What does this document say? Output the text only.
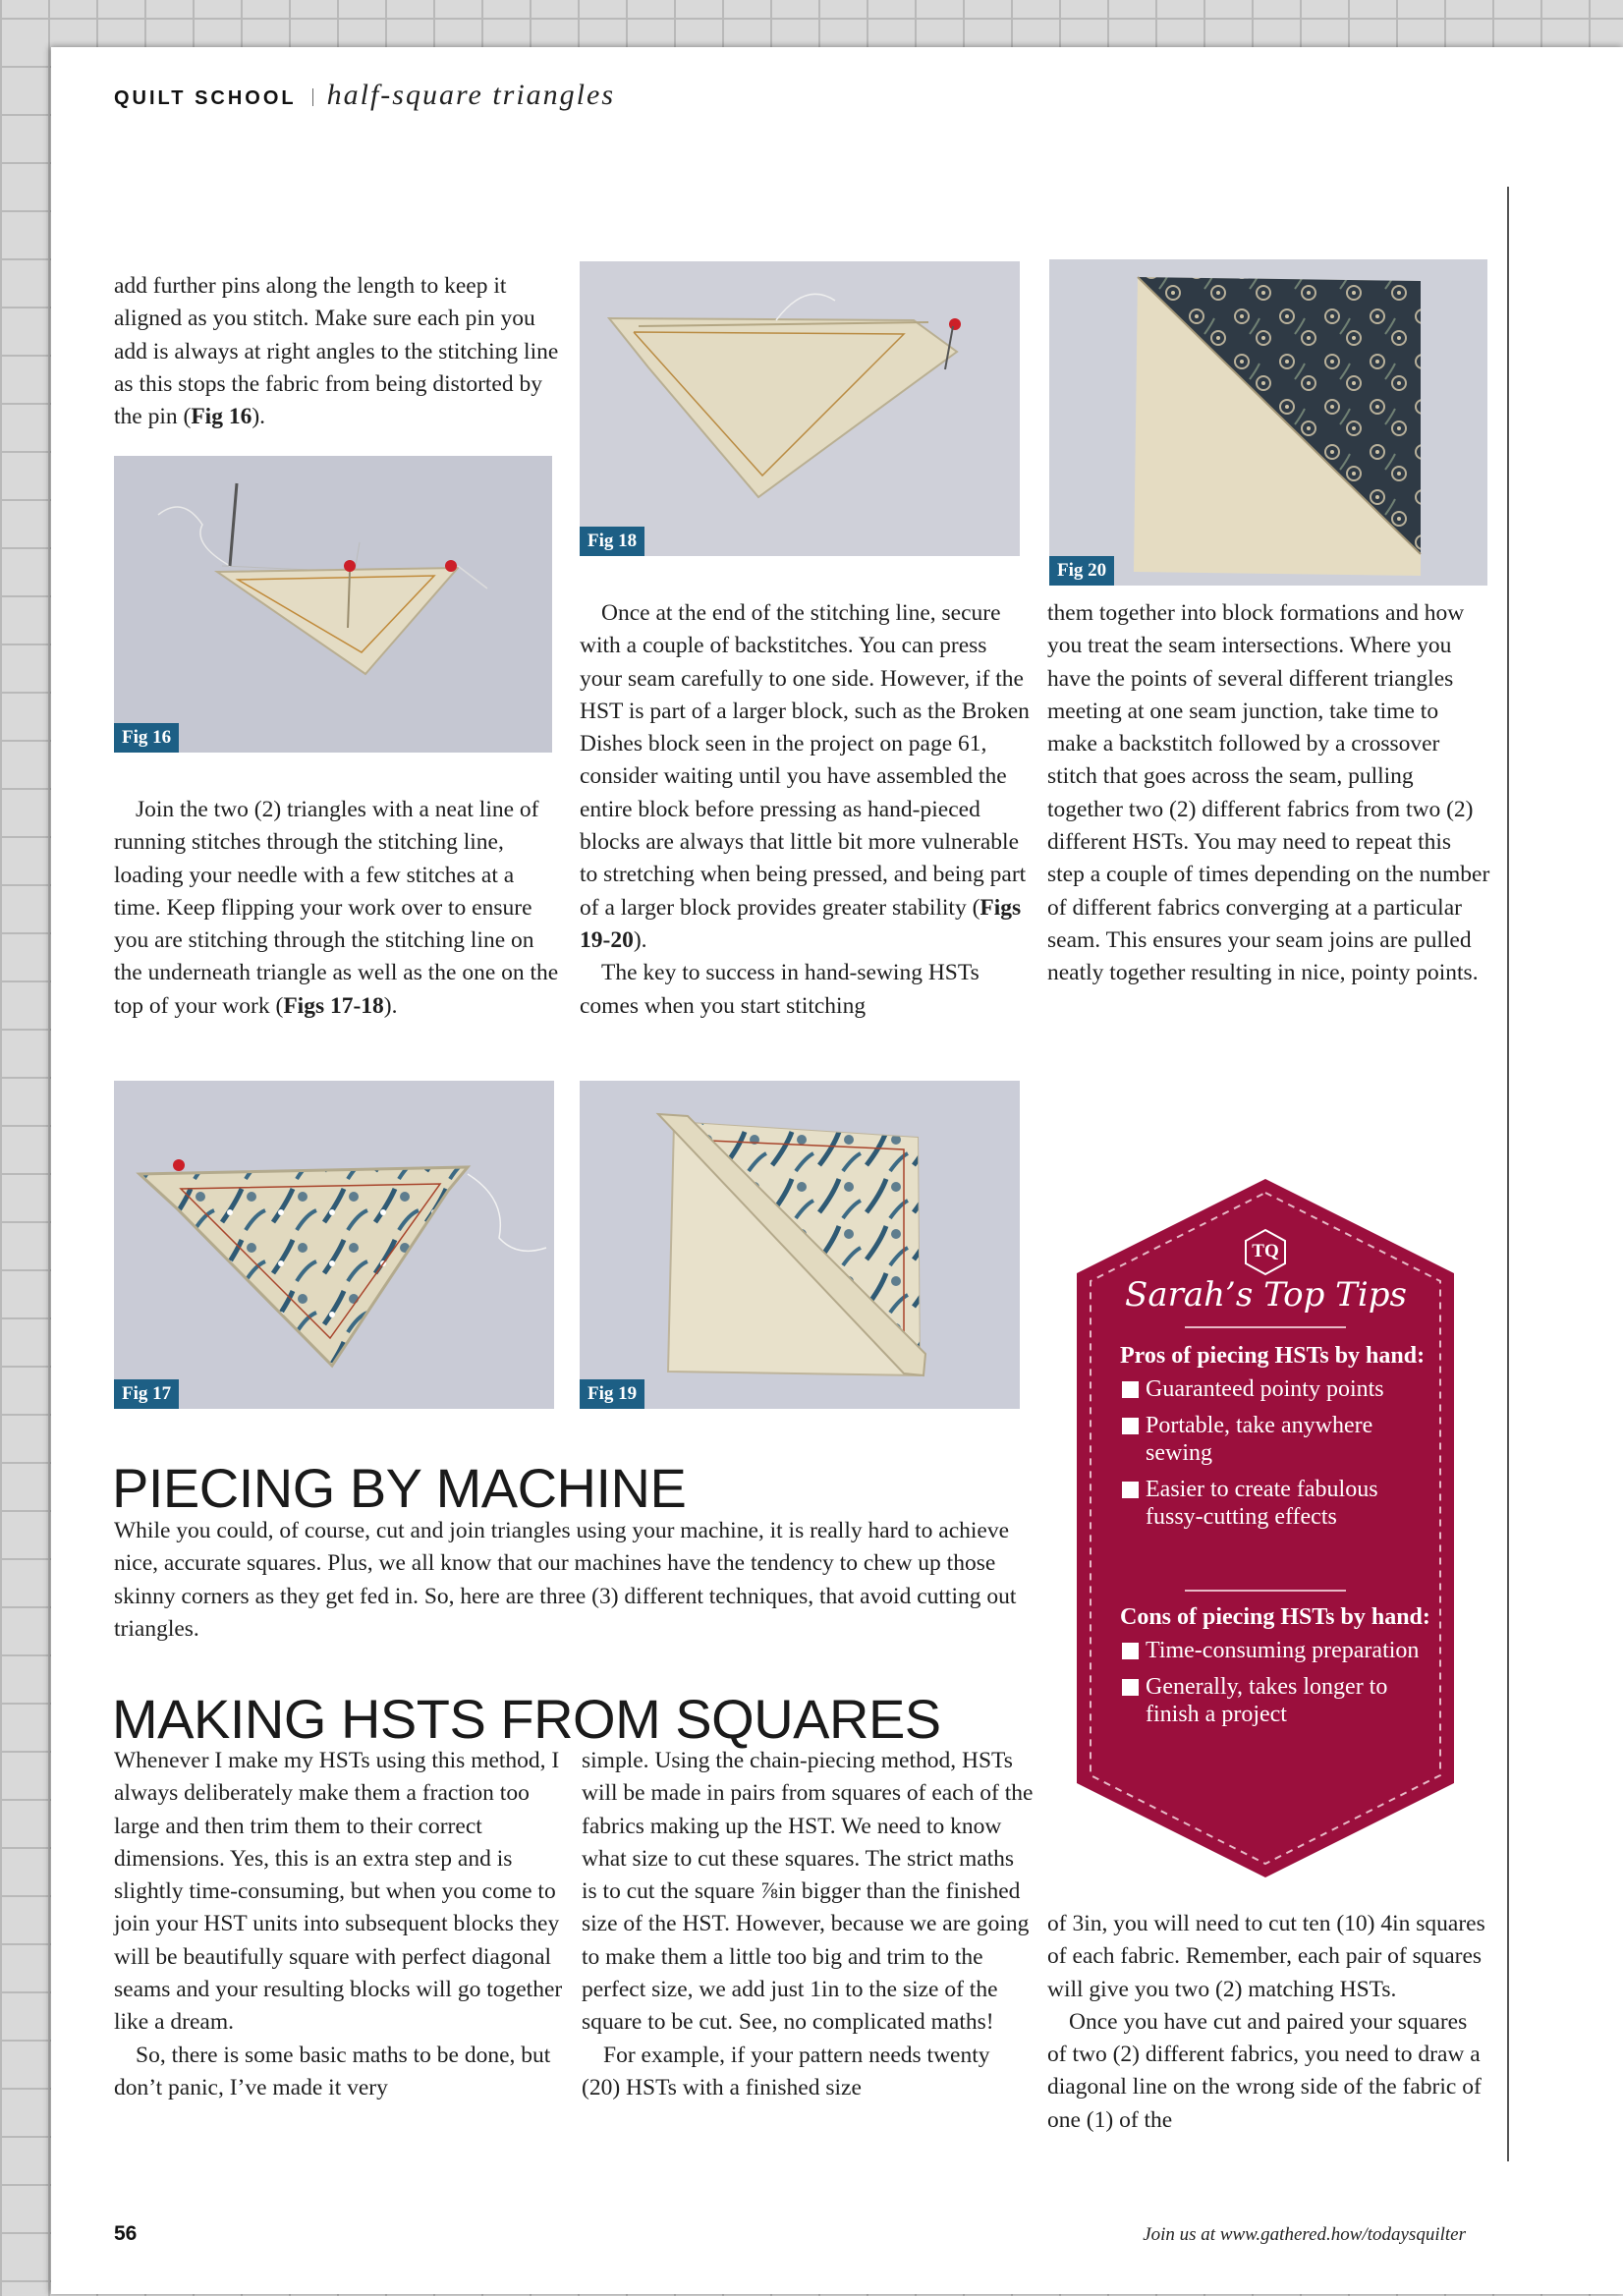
QUILT SCHOOL half-square triangles

add further pins along the length to keep it aligned as you stitch. Make sure each pin you add is always at right angles to the stitching line as this stops the fabric from being distorted by the pin (Fig 16).

Fig 16

Join the two (2) triangles with a neat line of running stitches through the stitching line, loading your needle with a few stitches at a time. Keep flipping your work over to ensure you are stitching through the stitching line on the underneath triangle as well as the one on the top of your work (Figs 17-18).

Fig 18
Fig 20

Once at the end of the stitching line, secure with a couple of backstitches. You can press your seam carefully to one side. However, if the HST is part of a larger block, such as the Broken Dishes block seen in the project on page 61, consider waiting until you have assembled the entire block before pressing as hand-pieced blocks are always that little bit more vulnerable to stretching when being pressed, and being part of a larger block provides greater stability (Figs 19-20).

The key to success in hand-sewing HSTs comes when you start stitching

them together into block formations and how you treat the seam intersections. Where you have the points of several different triangles meeting at one seam junction, take time to make a backstitch followed by a crossover stitch that goes across the seam, pulling together two (2) different fabrics from two (2) different HSTs. You may need to repeat this step a couple of times depending on the number of different fabrics converging at a particular seam. This ensures your seam joins are pulled neatly together resulting in nice, pointy points.

Fig 17	Fig 19
PIECING BY MACHINE

While you could, of course, cut and join triangles using your machine, it is really hard to achieve nice, accurate squares. Plus, we all know that our machines have the tendency to chew up those skinny corners as they get fed in. So, here are three (3) different techniques, that avoid cutting out triangles.

MAKING HSTS FROM SQUARES

Whenever I make my HSTs using this method, I always deliberately make them a fraction too large and then trim them to their correct dimensions. Yes, this is an extra step and is slightly time-consuming, but when you come to join your HST units into subsequent blocks they will be beautifully square with perfect diagonal seams and your resulting blocks will go together like a dream.

So, there is some basic maths to be done, but don’t panic, I’ve made it very

simple. Using the chain-piecing method, HSTs will be made in pairs from squares of each of the fabrics making up the HST. We need to know what size to cut these squares. The strict maths is to cut the square ⅞in bigger than the finished size of the HST. However, because we are going to make them a little too big and trim to the perfect size, we add just 1in to the size of the square to be cut. See, no complicated maths!

For example, if your pattern needs twenty (20) HSTs with a finished size

of 3in, you will need to cut ten (10) 4in squares of each fabric. Remember, each pair of squares will give you two (2) matching HSTs.

Once you have cut and paired your squares of two (2) different fabrics, you need to draw a diagonal line on the wrong side of the fabric of one (1) of the

TQ
Sarah’s Top Tips
Pros of piecing HSTs by hand:
Guaranteed pointy points
Portable, take anywhere sewing
Easier to create fabulous fussy-cutting effects
Cons of piecing HSTs by hand:
Time-consuming preparation
Generally, takes longer to finish a project
56	Join us at www.gathered.how/todaysquilter
